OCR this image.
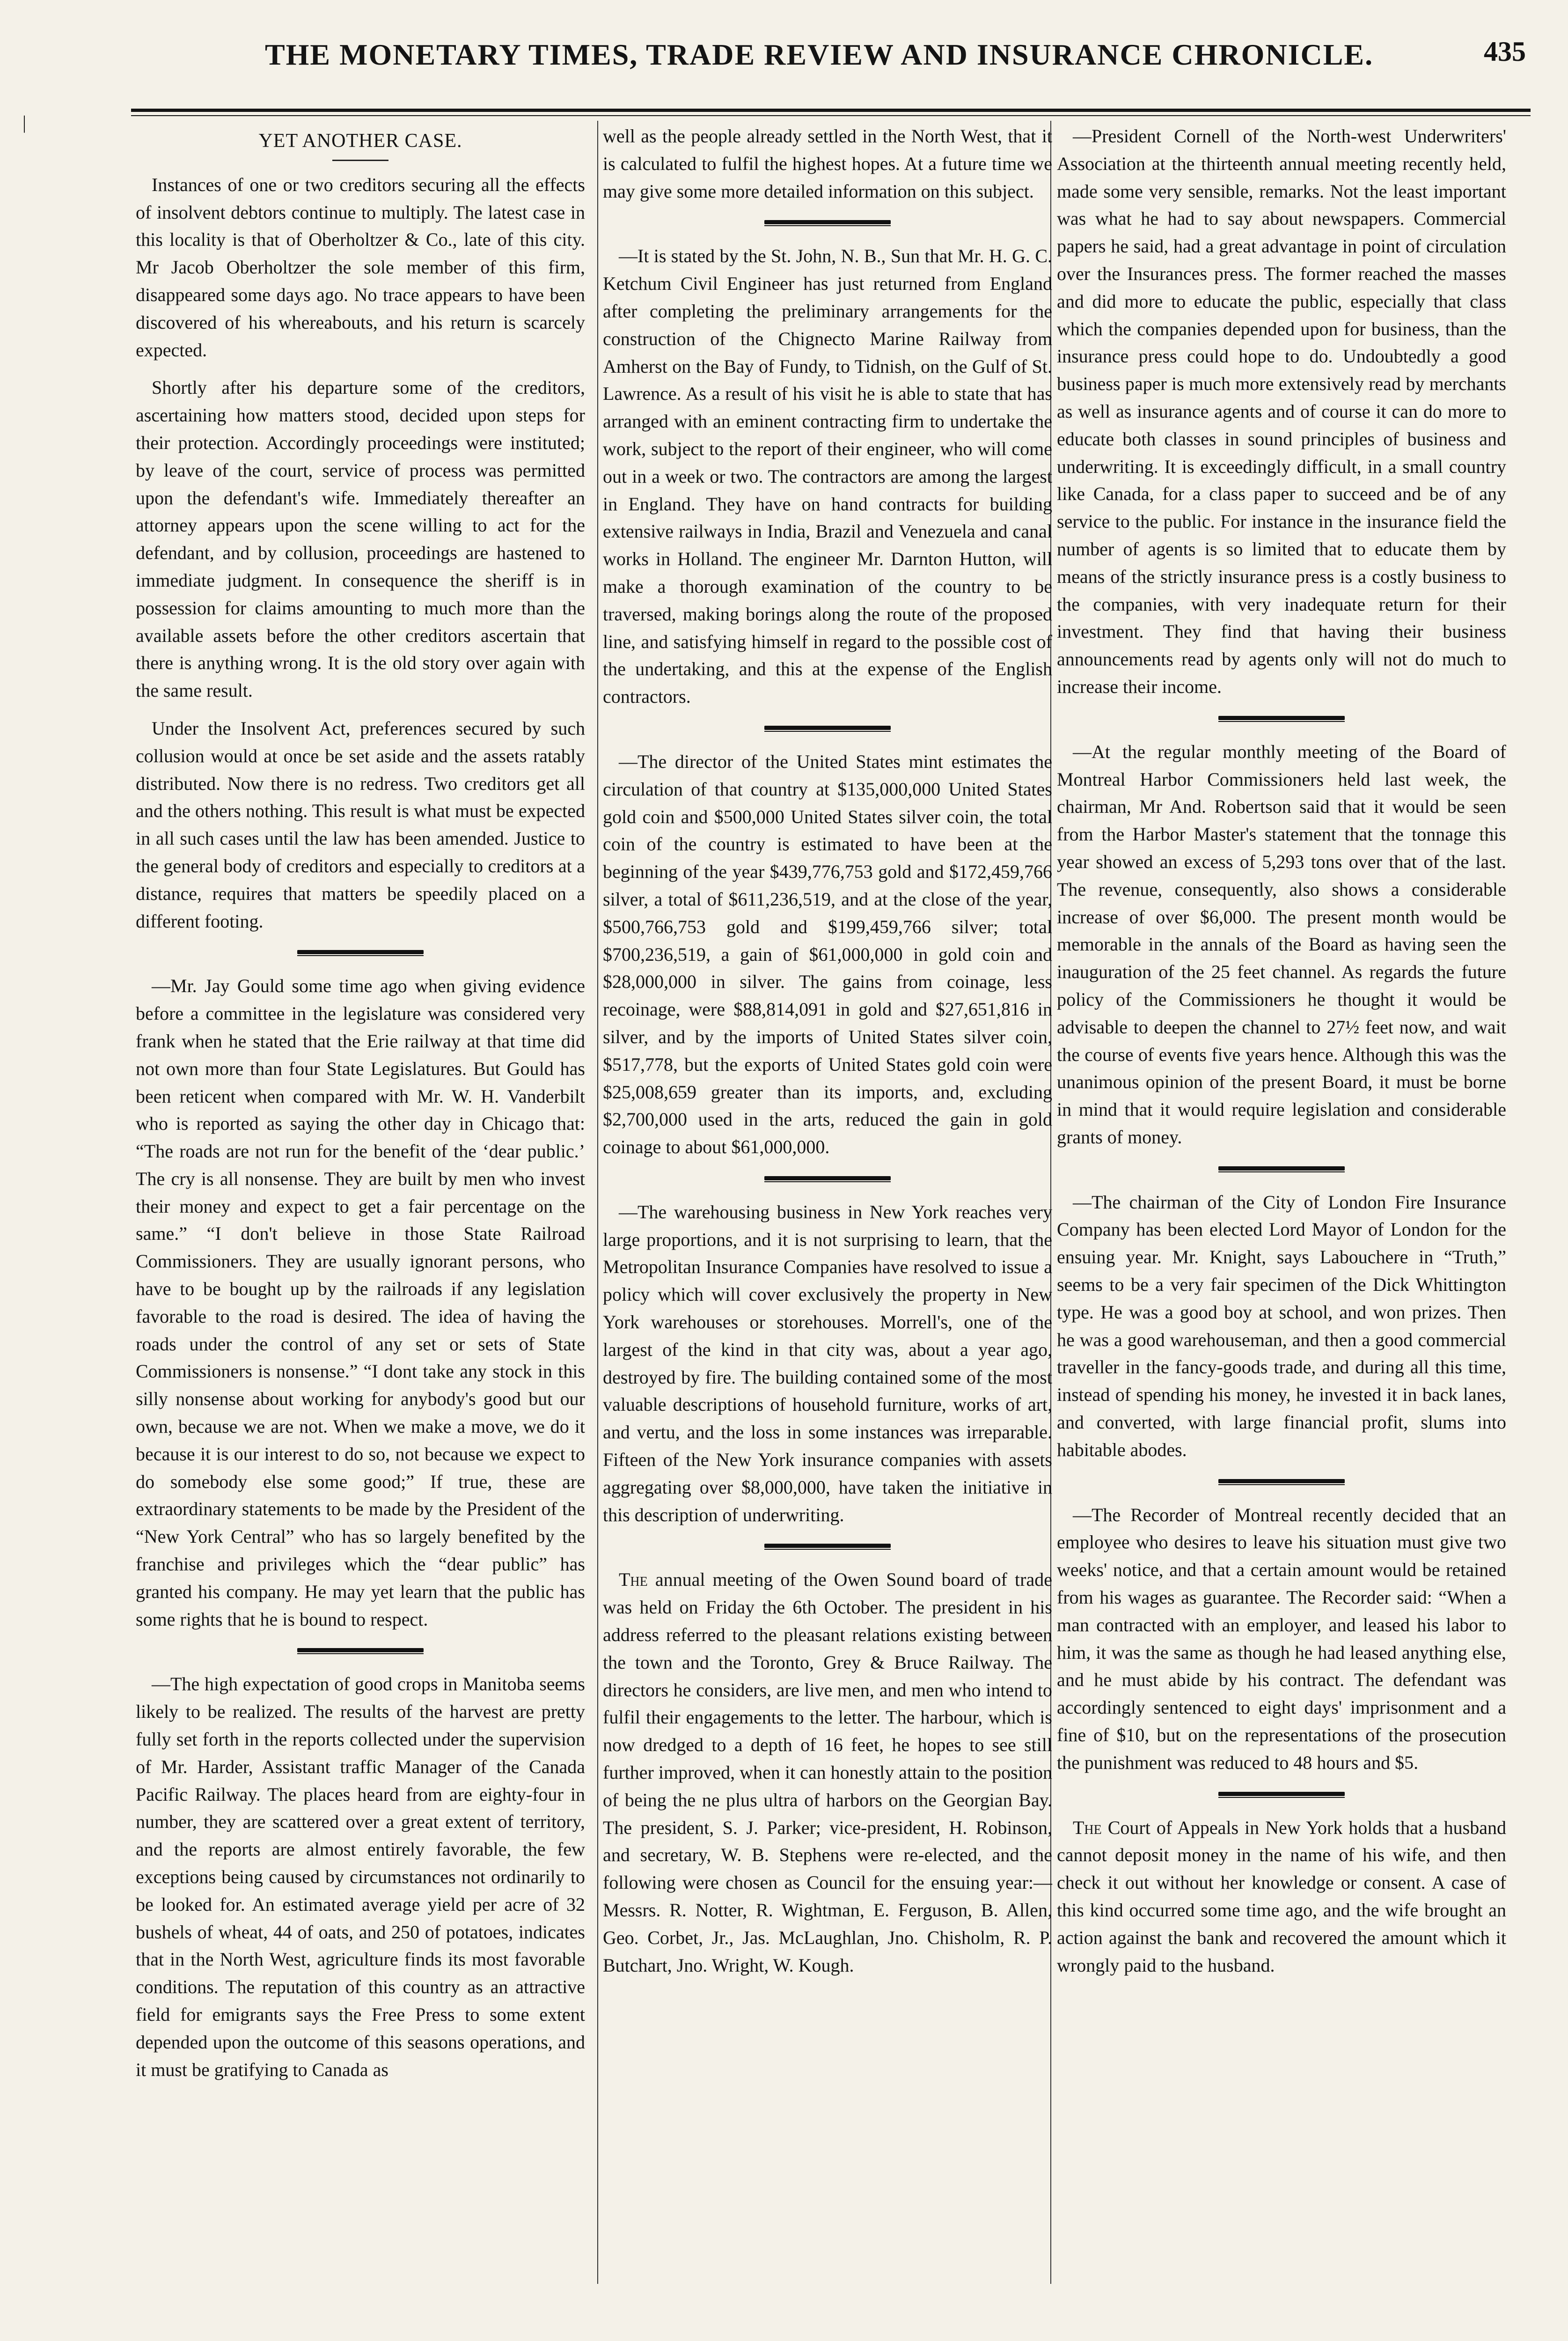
THE MONETARY TIMES, TRADE REVIEW AND INSURANCE CHRONICLE.	435
YET ANOTHER CASE.

Instances of one or two creditors securing all the effects of insolvent debtors continue to multiply. The latest case in this locality is that of Oberholtzer & Co., late of this city. Mr Jacob Oberholtzer the sole member of this firm, disappeared some days ago. No trace appears to have been discovered of his whereabouts, and his return is scarcely expected.

Shortly after his departure some of the creditors, ascertaining how matters stood, decided upon steps for their protection. Accordingly proceedings were instituted; by leave of the court, service of process was permitted upon the defendant's wife. Immediately thereafter an attorney appears upon the scene willing to act for the defendant, and by collusion, proceedings are hastened to immediate judgment. In consequence the sheriff is in possession for claims amounting to much more than the available assets before the other creditors ascertain that there is anything wrong. It is the old story over again with the same result.

Under the Insolvent Act, preferences secured by such collusion would at once be set aside and the assets ratably distributed. Now there is no redress. Two creditors get all and the others nothing. This result is what must be expected in all such cases until the law has been amended. Justice to the general body of creditors and especially to creditors at a distance, requires that matters be speedily placed on a different footing.

—Mr. Jay Gould some time ago when giving evidence before a committee in the legislature was considered very frank when he stated that the Erie railway at that time did not own more than four State Legislatures. But Gould has been reticent when compared with Mr. W. H. Vanderbilt who is reported as saying the other day in Chicago that: “The roads are not run for the benefit of the ‘dear public.’ The cry is all nonsense. They are built by men who invest their money and expect to get a fair percentage on the same.” “I don't believe in those State Railroad Commissioners. They are usually ignorant persons, who have to be bought up by the railroads if any legislation favorable to the road is desired. The idea of having the roads under the control of any set or sets of State Commissioners is nonsense.” “I dont take any stock in this silly nonsense about working for anybody's good but our own, because we are not. When we make a move, we do it because it is our interest to do so, not because we expect to do somebody else some good;” If true, these are extraordinary statements to be made by the President of the “New York Central” who has so largely benefited by the franchise and privileges which the “dear public” has granted his company. He may yet learn that the public has some rights that he is bound to respect.

—The high expectation of good crops in Manitoba seems likely to be realized. The results of the harvest are pretty fully set forth in the reports collected under the supervision of Mr. Harder, Assistant traffic Manager of the Canada Pacific Railway. The places heard from are eighty-four in number, they are scattered over a great extent of territory, and the reports are almost entirely favorable, the few exceptions being caused by circumstances not ordinarily to be looked for. An estimated average yield per acre of 32 bushels of wheat, 44 of oats, and 250 of potatoes, indicates that in the North West, agriculture finds its most favorable conditions. The reputation of this country as an attractive field for emigrants says the Free Press to some extent depended upon the outcome of this seasons operations, and it must be gratifying to Canada as

well as the people already settled in the North West, that it is calculated to fulfil the highest hopes. At a future time we may give some more detailed information on this subject.

—It is stated by the St. John, N. B., Sun that Mr. H. G. C. Ketchum Civil Engineer has just returned from England after completing the preliminary arrangements for the construction of the Chignecto Marine Railway from Amherst on the Bay of Fundy, to Tidnish, on the Gulf of St. Lawrence. As a result of his visit he is able to state that has arranged with an eminent contracting firm to undertake the work, subject to the report of their engineer, who will come out in a week or two. The contractors are among the largest in England. They have on hand contracts for building extensive railways in India, Brazil and Venezuela and canal works in Holland. The engineer Mr. Darnton Hutton, will make a thorough examination of the country to be traversed, making borings along the route of the proposed line, and satisfying himself in regard to the possible cost of the undertaking, and this at the expense of the English contractors.

—The director of the United States mint estimates the circulation of that country at $135,000,000 United States gold coin and $500,000 United States silver coin, the total coin of the country is estimated to have been at the beginning of the year $439,776,753 gold and $172,459,766 silver, a total of $611,236,519, and at the close of the year, $500,766,753 gold and $199,459,766 silver; total $700,236,519, a gain of $61,000,000 in gold coin and $28,000,000 in silver. The gains from coinage, less recoinage, were $88,814,091 in gold and $27,651,816 in silver, and by the imports of United States silver coin, $517,778, but the exports of United States gold coin were $25,008,659 greater than its imports, and, excluding $2,700,000 used in the arts, reduced the gain in gold coinage to about $61,000,000.

—The warehousing business in New York reaches very large proportions, and it is not surprising to learn, that the Metropolitan Insurance Companies have resolved to issue a policy which will cover exclusively the property in New York warehouses or storehouses. Morrell's, one of the largest of the kind in that city was, about a year ago, destroyed by fire. The building contained some of the most valuable descriptions of household furniture, works of art, and vertu, and the loss in some instances was irreparable. Fifteen of the New York insurance companies with assets aggregating over $8,000,000, have taken the initiative in this description of underwriting.

The annual meeting of the Owen Sound board of trade was held on Friday the 6th October. The president in his address referred to the pleasant relations existing between the town and the Toronto, Grey & Bruce Railway. The directors he considers, are live men, and men who intend to fulfil their engagements to the letter. The harbour, which is now dredged to a depth of 16 feet, he hopes to see still further improved, when it can honestly attain to the position of being the ne plus ultra of harbors on the Georgian Bay. The president, S. J. Parker; vice-president, H. Robinson, and secretary, W. B. Stephens were re-elected, and the following were chosen as Council for the ensuing year:—Messrs. R. Notter, R. Wightman, E. Ferguson, B. Allen, Geo. Corbet, Jr., Jas. McLaughlan, Jno. Chisholm, R. P. Butchart, Jno. Wright, W. Kough.

—President Cornell of the North-west Underwriters' Association at the thirteenth annual meeting recently held, made some very sensible, remarks. Not the least important was what he had to say about newspapers. Commercial papers he said, had a great advantage in point of circulation over the Insurances press. The former reached the masses and did more to educate the public, especially that class which the companies depended upon for business, than the insurance press could hope to do. Undoubtedly a good business paper is much more extensively read by merchants as well as insurance agents and of course it can do more to educate both classes in sound principles of business and underwriting. It is exceedingly difficult, in a small country like Canada, for a class paper to succeed and be of any service to the public. For instance in the insurance field the number of agents is so limited that to educate them by means of the strictly insurance press is a costly business to the companies, with very inadequate return for their investment. They find that having their business announcements read by agents only will not do much to increase their income.

—At the regular monthly meeting of the Board of Montreal Harbor Commissioners held last week, the chairman, Mr And. Robertson said that it would be seen from the Harbor Master's statement that the tonnage this year showed an excess of 5,293 tons over that of the last. The revenue, consequently, also shows a considerable increase of over $6,000. The present month would be memorable in the annals of the Board as having seen the inauguration of the 25 feet channel. As regards the future policy of the Commissioners he thought it would be advisable to deepen the channel to 27½ feet now, and wait the course of events five years hence. Although this was the unanimous opinion of the present Board, it must be borne in mind that it would require legislation and considerable grants of money.

—The chairman of the City of London Fire Insurance Company has been elected Lord Mayor of London for the ensuing year. Mr. Knight, says Labouchere in “Truth,” seems to be a very fair specimen of the Dick Whittington type. He was a good boy at school, and won prizes. Then he was a good warehouseman, and then a good commercial traveller in the fancy-goods trade, and during all this time, instead of spending his money, he invested it in back lanes, and converted, with large financial profit, slums into habitable abodes.

—The Recorder of Montreal recently decided that an employee who desires to leave his situation must give two weeks' notice, and that a certain amount would be retained from his wages as guarantee. The Recorder said: “When a man contracted with an employer, and leased his labor to him, it was the same as though he had leased anything else, and he must abide by his contract. The defendant was accordingly sentenced to eight days' imprisonment and a fine of $10, but on the representations of the prosecution the punishment was reduced to 48 hours and $5.

The Court of Appeals in New York holds that a husband cannot deposit money in the name of his wife, and then check it out without her knowledge or consent. A case of this kind occurred some time ago, and the wife brought an action against the bank and recovered the amount which it wrongly paid to the husband.

|
